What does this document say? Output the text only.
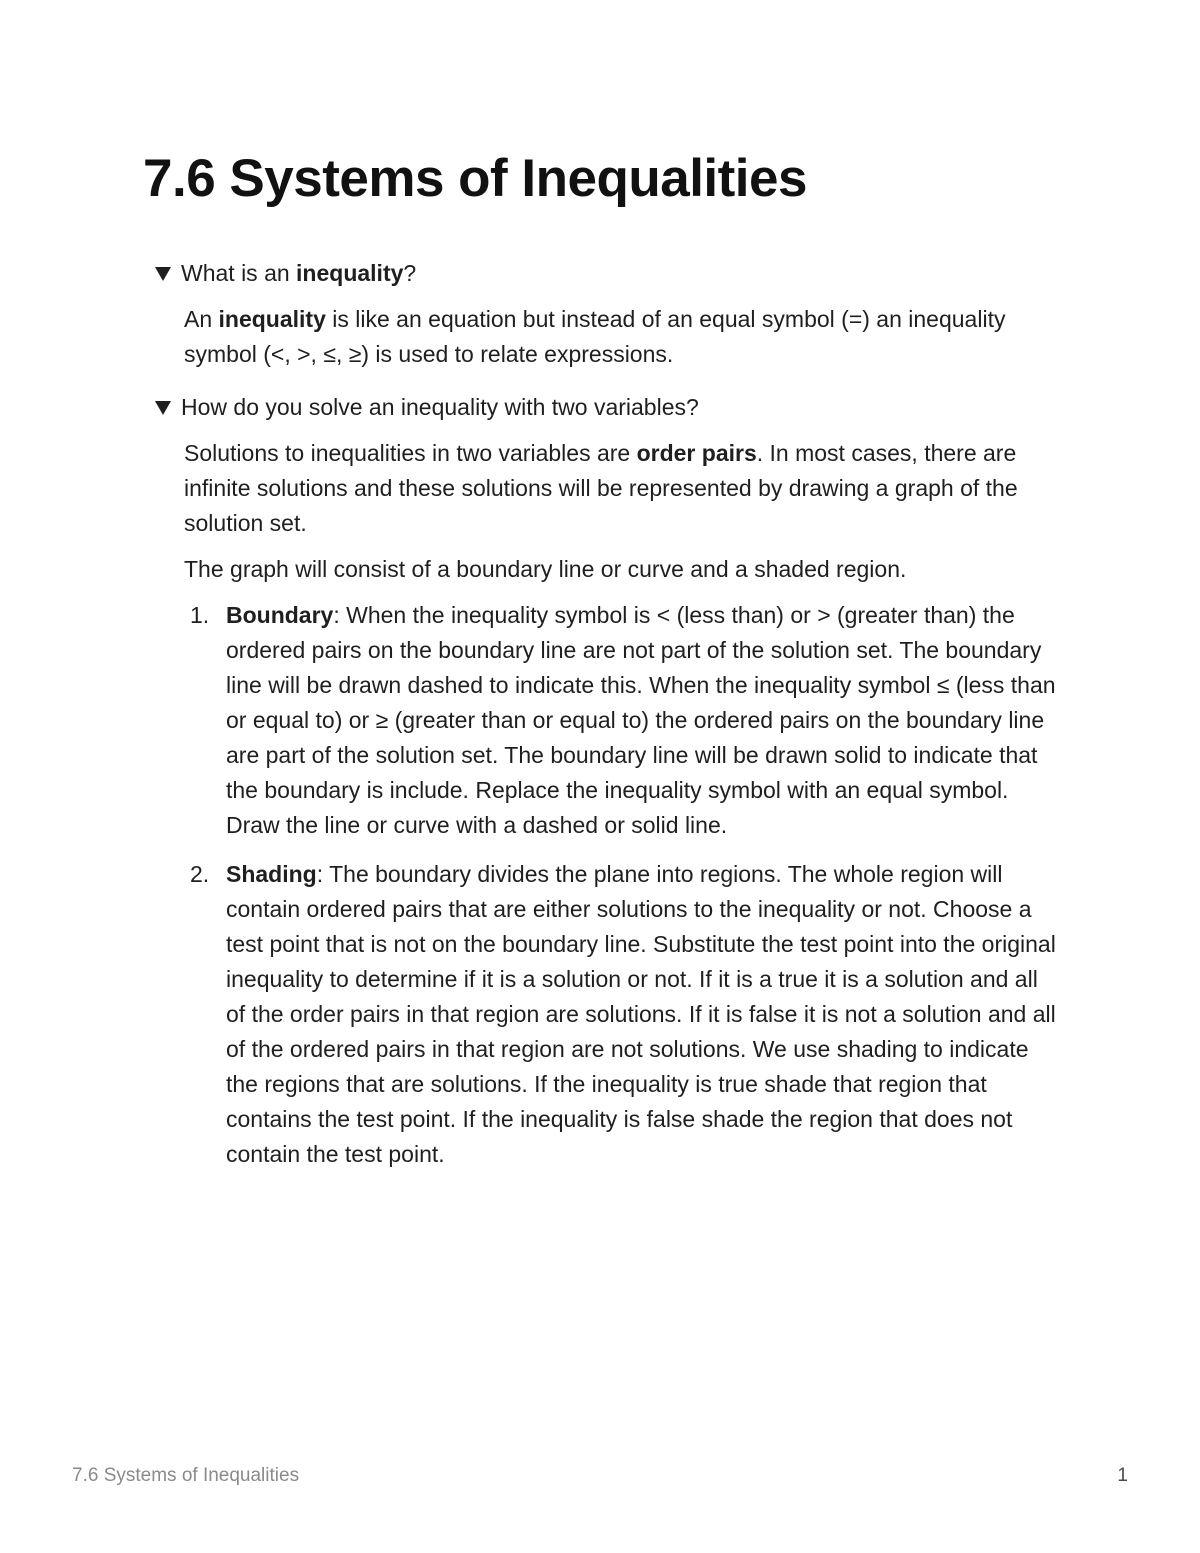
7.6 Systems of Inequalities
What is an inequality?

An inequality is like an equation but instead of an equal symbol (=) an inequality symbol (<, >, ≤, ≥) is used to relate expressions.

How do you solve an inequality with two variables?

Solutions to inequalities in two variables are order pairs. In most cases, there are infinite solutions and these solutions will be represented by drawing a graph of the solution set.

The graph will consist of a boundary line or curve and a shaded region.

1. Boundary: When the inequality symbol is < (less than) or > (greater than) the ordered pairs on the boundary line are not part of the solution set. The boundary line will be drawn dashed to indicate this. When the inequality symbol ≤ (less than or equal to) or ≥ (greater than or equal to) the ordered pairs on the boundary line are part of the solution set. The boundary line will be drawn solid to indicate that the boundary is include. Replace the inequality symbol with an equal symbol. Draw the line or curve with a dashed or solid line.
2. Shading: The boundary divides the plane into regions. The whole region will contain ordered pairs that are either solutions to the inequality or not. Choose a test point that is not on the boundary line. Substitute the test point into the original inequality to determine if it is a solution or not. If it is a true it is a solution and all of the order pairs in that region are solutions. If it is false it is not a solution and all of the ordered pairs in that region are not solutions. We use shading to indicate the regions that are solutions. If the inequality is true shade that region that contains the test point. If the inequality is false shade the region that does not contain the test point.
7.6 Systems of Inequalities	1
